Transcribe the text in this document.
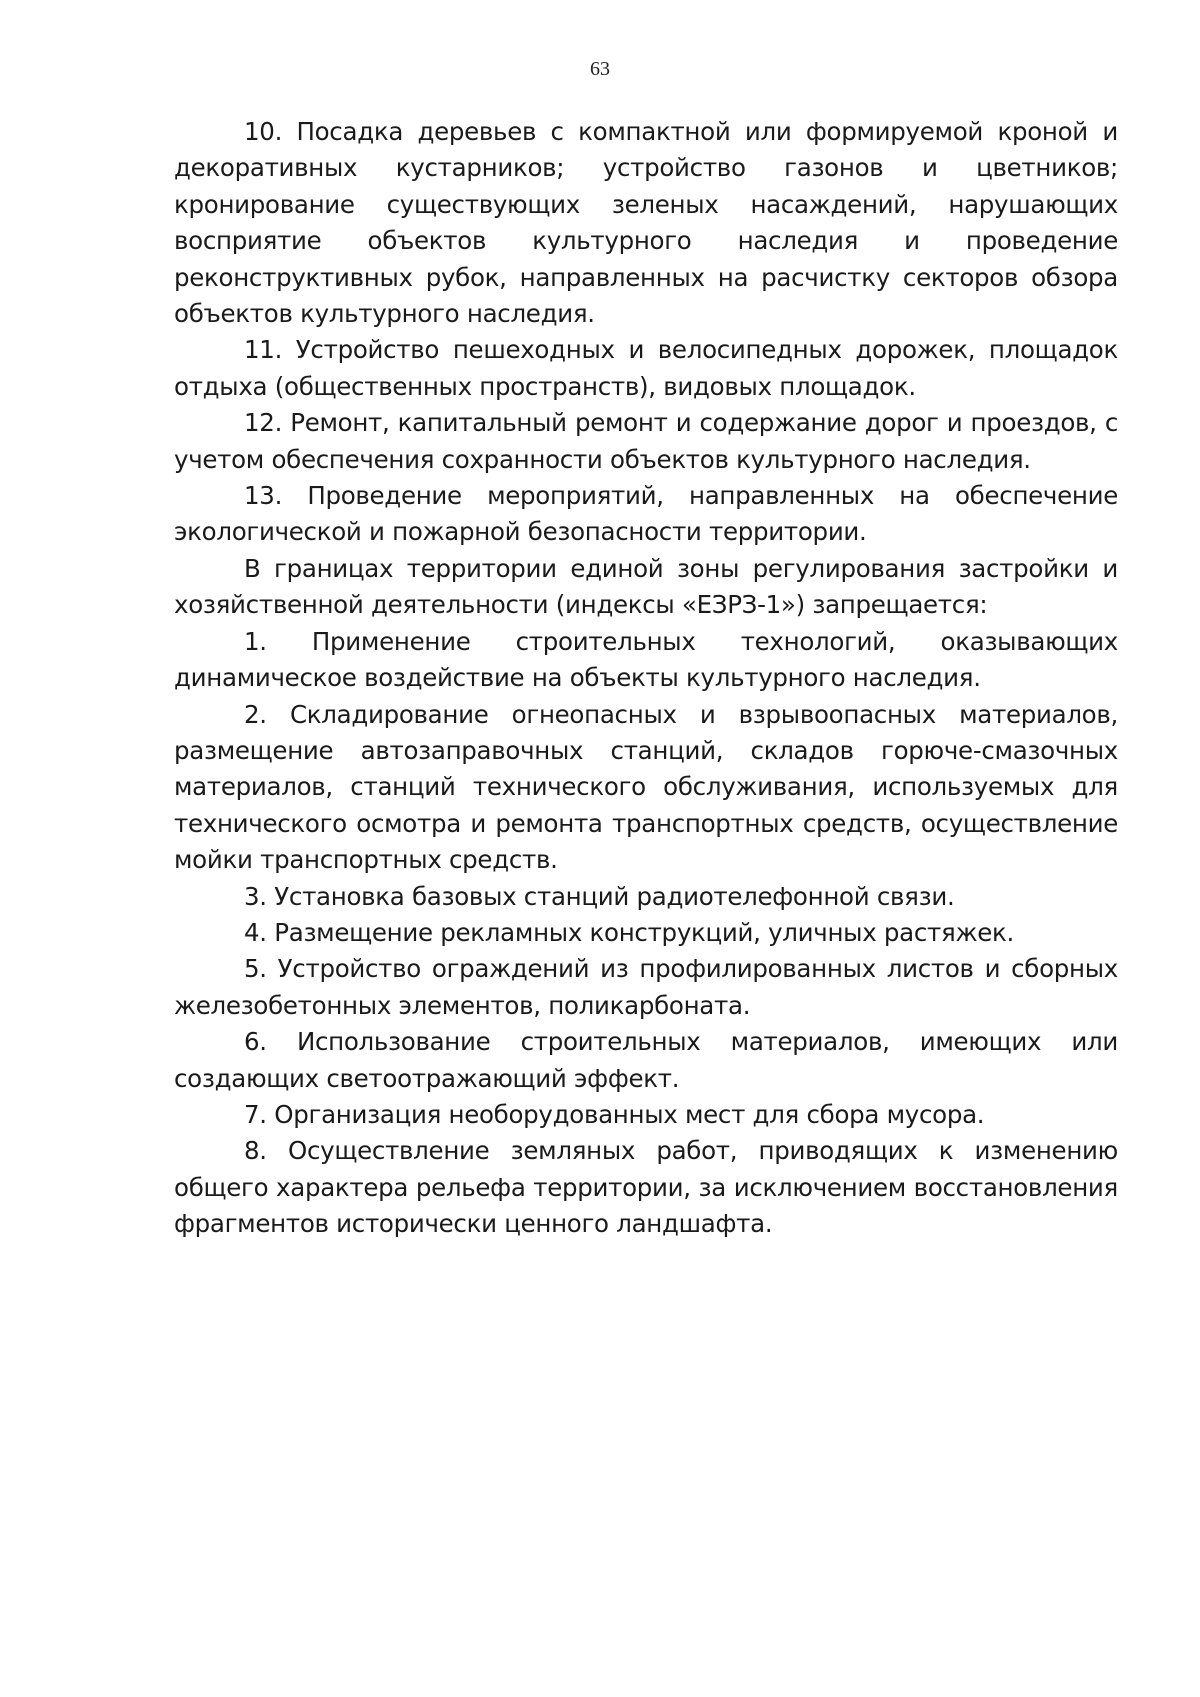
63

10. Посадка деревьев с компактной или формируемой кроной и декоративных кустарников; устройство газонов и цветников; кронирование существующих зеленых насаждений, нарушающих восприятие объектов культурного наследия и проведение реконструктивных рубок, направленных на расчистку секторов обзора объектов культурного наследия.

11. Устройство пешеходных и велосипедных дорожек, площадок отдыха (общественных пространств), видовых площадок.

12. Ремонт, капитальный ремонт и содержание дорог и проездов, с учетом обеспечения сохранности объектов культурного наследия.

13. Проведение мероприятий, направленных на обеспечение экологической и пожарной безопасности территории.

В границах территории единой зоны регулирования застройки и хозяйственной деятельности (индексы «ЕЗРЗ-1») запрещается:

1. Применение строительных технологий, оказывающих динамическое воздействие на объекты культурного наследия.

2. Складирование огнеопасных и взрывоопасных материалов, размещение автозаправочных станций, складов горюче-смазочных материалов, станций технического обслуживания, используемых для технического осмотра и ремонта транспортных средств, осуществление мойки транспортных средств.

3. Установка базовых станций радиотелефонной связи.

4. Размещение рекламных конструкций, уличных растяжек.

5. Устройство ограждений из профилированных листов и сборных железобетонных элементов, поликарбоната.

6. Использование строительных материалов, имеющих или создающих светоотражающий эффект.

7. Организация необорудованных мест для сбора мусора.

8. Осуществление земляных работ, приводящих к изменению общего характера рельефа территории, за исключением восстановления фрагментов исторически ценного ландшафта.
